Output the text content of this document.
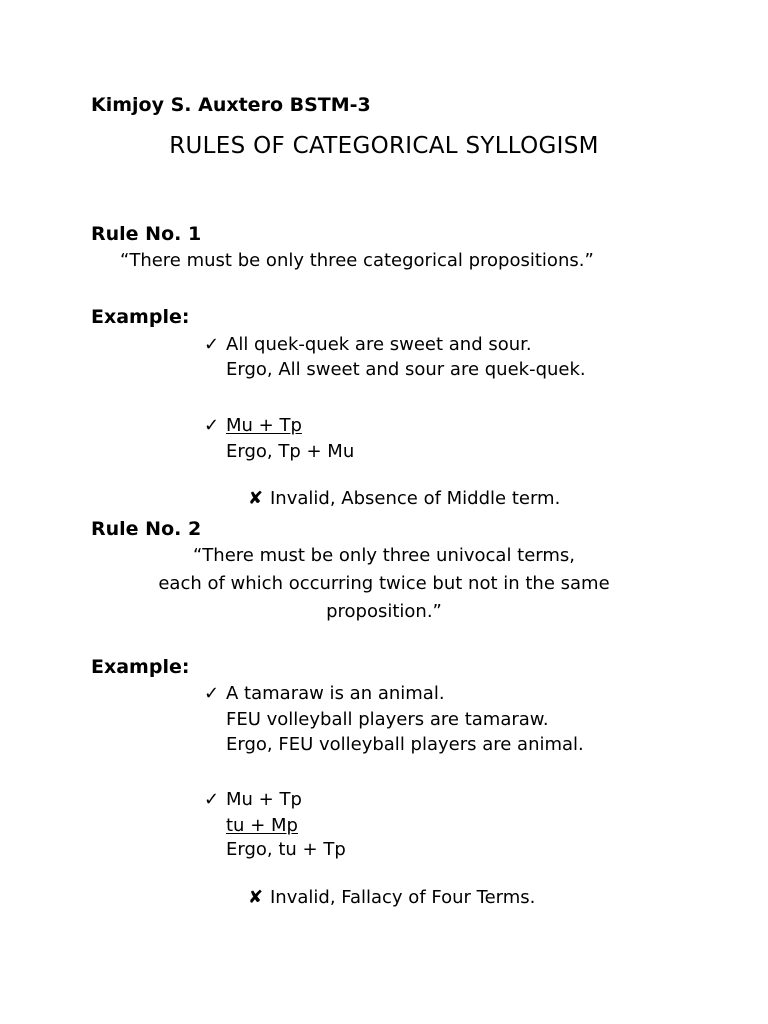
Kimjoy S. Auxtero BSTM-3
RULES OF CATEGORICAL SYLLOGISM
Rule No. 1
“There must be only three categorical propositions.”
Example:
✓ All quek-quek are sweet and sour.
Ergo, All sweet and sour are quek-quek.
✓ Mu + Tp
Ergo, Tp + Mu
✘ Invalid, Absence of Middle term.
Rule No. 2
“There must be only three univocal terms,
each of which occurring twice but not in the same
proposition.”
Example:
✓ A tamaraw is an animal.
FEU volleyball players are tamaraw.
Ergo, FEU volleyball players are animal.
✓ Mu + Tp
tu + Mp
Ergo, tu + Tp
✘ Invalid, Fallacy of Four Terms.
